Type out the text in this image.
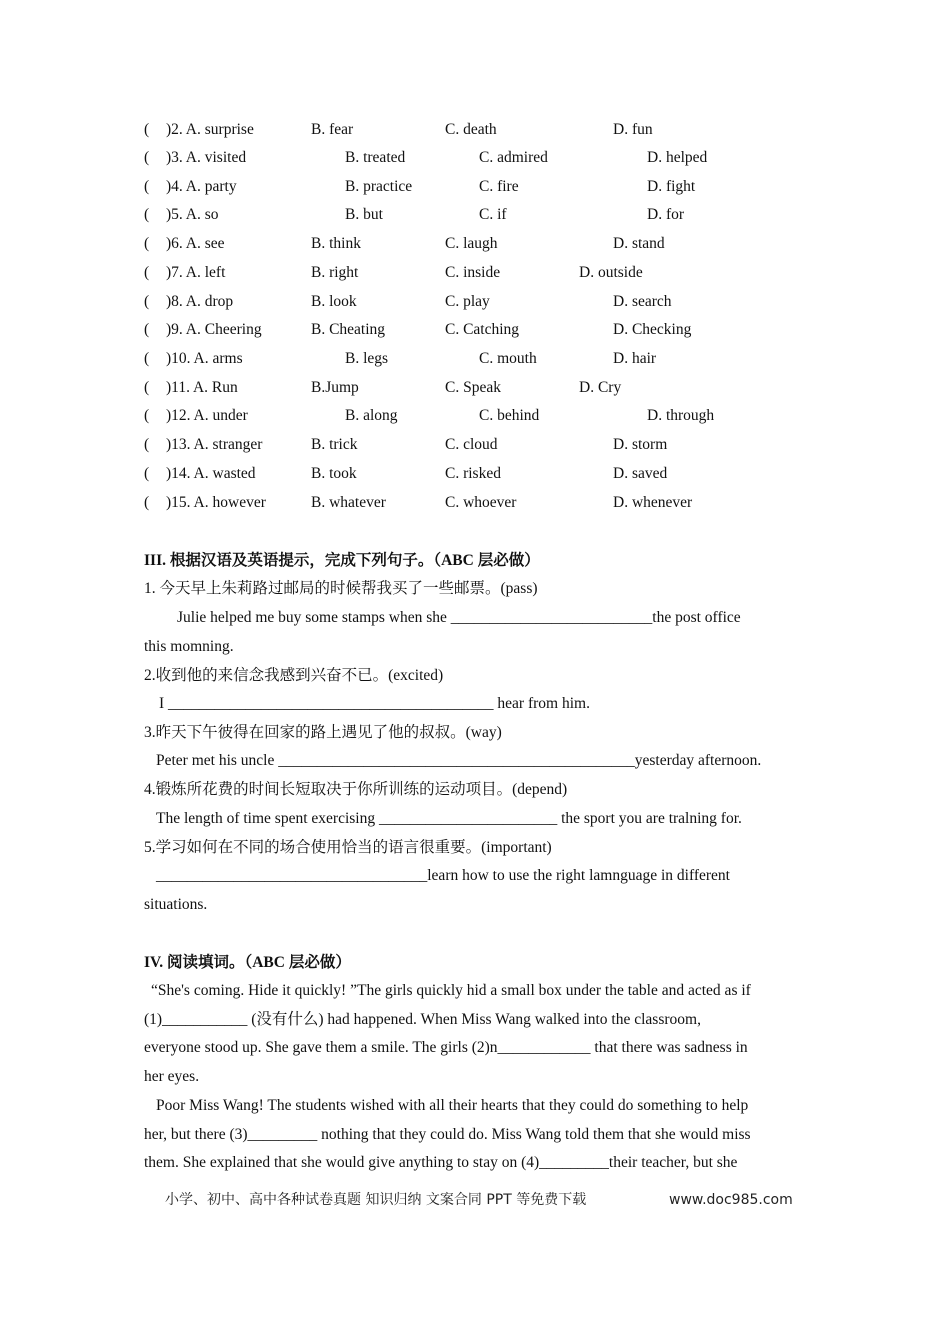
( )2. A. surprise	B. fear	C. death	D. fun
( )3. A. visited	B. treated	C. admired	D. helped
( )4. A. party	B. practice	C. fire	D. fight
( )5. A. so	B. but	C. if	D. for
( )6. A. see	B. think	C. laugh	D. stand
( )7. A. left	B. right	C. inside	D. outside
( )8. A. drop	B. look	C. play	D. search
( )9. A. Cheering	B. Cheating	C. Catching	D. Checking
( )10. A. arms	B. legs	C. mouth	D. hair
( )11. A. Run	B.Jump	C. Speak	D. Cry
( )12. A. under	B. along	C. behind	D. through
( )13. A. stranger	B. trick	C. cloud	D. storm
( )14. A. wasted	B. took	C. risked	D. saved
( )15. A. however	B. whatever	C. whoever	D. whenever
III. 根据汉语及英语提示，完成下列句子。（ABC 层必做）
1. 今天早上朱莉路过邮局的时候帮我买了一些邮票。(pass)
Julie helped me buy some stamps when she __________________________the post office
this momning.
2.收到他的来信念我感到兴奋不已。(excited)
I __________________________________________ hear from him.
3.昨天下午彼得在回家的路上遇见了他的叔叔。(way)
Peter met his uncle ______________________________________________yesterday afternoon.
4.锻炼所花费的时间长短取决于你所训练的运动项目。(depend)
The length of time spent exercising _______________________ the sport you are tralning for.
5.学习如何在不同的场合使用恰当的语言很重要。(important)
___________________________________learn how to use the right lamnguage in different
situations.
IV. 阅读填词。（ABC 层必做）
“She's coming. Hide it quickly! ”The girls quickly hid a small box under the table and acted as if
(1)___________ (没有什么) had happened. When Miss Wang walked into the classroom,
everyone stood up. She gave them a smile. The girls (2)n____________ that there was sadness in
her eyes.
Poor Miss Wang! The students wished with all their hearts that they could do something to help
her, but there (3)_________ nothing that they could do. Miss Wang told them that she would miss
them. She explained that she would give anything to stay on (4)_________their teacher, but she
小学、初中、高中各种试卷真题 知识归纳 文案合同 PPT 等免费下载	www.doc985.com
